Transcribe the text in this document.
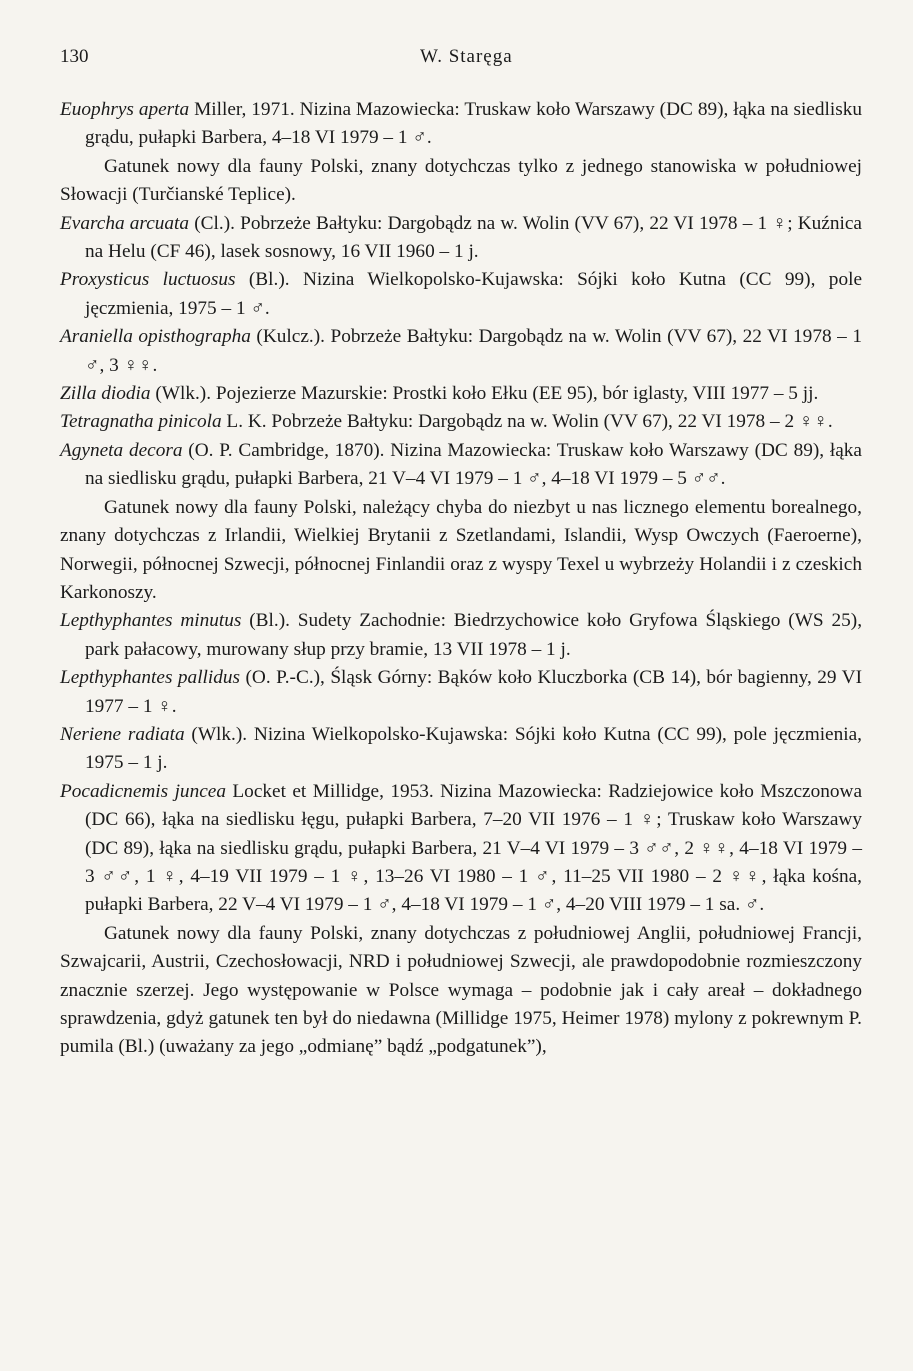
130	W. Staręga

Euophrys aperta Miller, 1971. Nizina Mazowiecka: Truskaw koło Warszawy (DC 89), łąka na siedlisku grądu, pułapki Barbera, 4–18 VI 1979 – 1 ♂.

Gatunek nowy dla fauny Polski, znany dotychczas tylko z jednego stanowiska w południowej Słowacji (Turčianské Teplice).

Evarcha arcuata (Cl.). Pobrzeże Bałtyku: Dargobądz na w. Wolin (VV 67), 22 VI 1978 – 1 ♀; Kuźnica na Helu (CF 46), lasek sosnowy, 16 VII 1960 – 1 j.

Proxysticus luctuosus (Bl.). Nizina Wielkopolsko-Kujawska: Sójki koło Kutna (CC 99), pole jęczmienia, 1975 – 1 ♂.

Araniella opisthographa (Kulcz.). Pobrzeże Bałtyku: Dargobądz na w. Wolin (VV 67), 22 VI 1978 – 1 ♂, 3 ♀♀.

Zilla diodia (Wlk.). Pojezierze Mazurskie: Prostki koło Ełku (EE 95), bór iglasty, VIII 1977 – 5 jj.

Tetragnatha pinicola L. K. Pobrzeże Bałtyku: Dargobądz na w. Wolin (VV 67), 22 VI 1978 – 2 ♀♀.

Agyneta decora (O. P. Cambridge, 1870). Nizina Mazowiecka: Truskaw koło Warszawy (DC 89), łąka na siedlisku grądu, pułapki Barbera, 21 V–4 VI 1979 – 1 ♂, 4–18 VI 1979 – 5 ♂♂.

Gatunek nowy dla fauny Polski, należący chyba do niezbyt u nas licznego elementu borealnego, znany dotychczas z Irlandii, Wielkiej Brytanii z Szetlandami, Islandii, Wysp Owczych (Faeroerne), Norwegii, północnej Szwecji, północnej Finlandii oraz z wyspy Texel u wybrzeży Holandii i z czeskich Karkonoszy.

Lepthyphantes minutus (Bl.). Sudety Zachodnie: Biedrzychowice koło Gryfowa Śląskiego (WS 25), park pałacowy, murowany słup przy bramie, 13 VII 1978 – 1 j.

Lepthyphantes pallidus (O. P.-C.), Śląsk Górny: Bąków koło Kluczborka (CB 14), bór bagienny, 29 VI 1977 – 1 ♀.

Neriene radiata (Wlk.). Nizina Wielkopolsko-Kujawska: Sójki koło Kutna (CC 99), pole jęczmienia, 1975 – 1 j.

Pocadicnemis juncea Locket et Millidge, 1953. Nizina Mazowiecka: Radziejowice koło Mszczonowa (DC 66), łąka na siedlisku łęgu, pułapki Barbera, 7–20 VII 1976 – 1 ♀; Truskaw koło Warszawy (DC 89), łąka na siedlisku grądu, pułapki Barbera, 21 V–4 VI 1979 – 3 ♂♂, 2 ♀♀, 4–18 VI 1979 – 3 ♂♂, 1 ♀, 4–19 VII 1979 – 1 ♀, 13–26 VI 1980 – 1 ♂, 11–25 VII 1980 – 2 ♀♀, łąka kośna, pułapki Barbera, 22 V–4 VI 1979 – 1 ♂, 4–18 VI 1979 – 1 ♂, 4–20 VIII 1979 – 1 sa. ♂.

Gatunek nowy dla fauny Polski, znany dotychczas z południowej Anglii, południowej Francji, Szwajcarii, Austrii, Czechosłowacji, NRD i południowej Szwecji, ale prawdopodobnie rozmieszczony znacznie szerzej. Jego występowanie w Polsce wymaga – podobnie jak i cały areał – dokładnego sprawdzenia, gdyż gatunek ten był do niedawna (Millidge 1975, Heimer 1978) mylony z pokrewnym P. pumila (Bl.) (uważany za jego „odmianę” bądź „podgatunek”),
